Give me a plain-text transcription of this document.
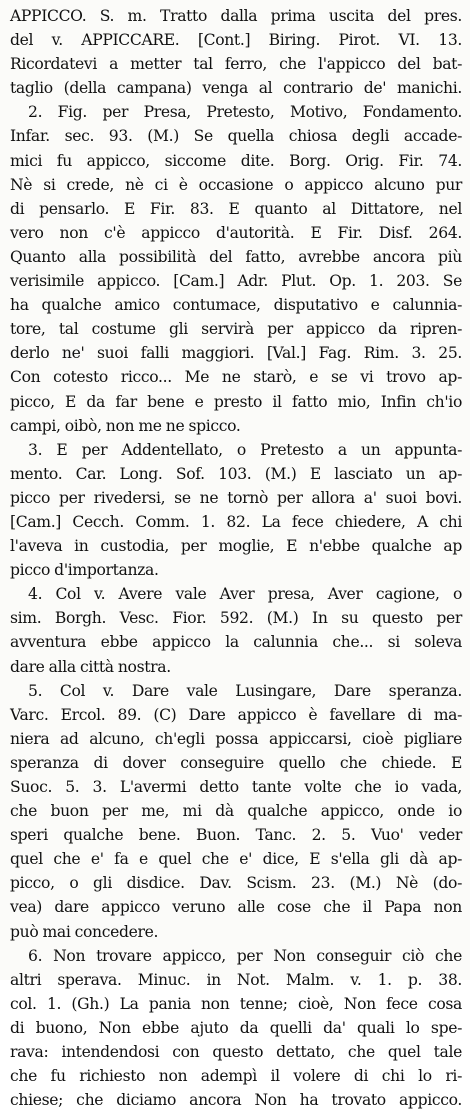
APPICCO. S. m. Tratto dalla prima uscita del pres.
del v. APPICCARE. [Cont.] Biring. Pirot. VI. 13.
Ricordatevi a metter tal ferro, che l'appicco del bat-
taglio (della campana) venga al contrario de' manichi.
2. Fig. per Presa, Pretesto, Motivo, Fondamento.
Infar. sec. 93. (M.) Se quella chiosa degli accade-
mici fu appicco, siccome dite. Borg. Orig. Fir. 74.
Nè si crede, nè ci è occasione o appicco alcuno pur
di pensarlo. E Fir. 83. E quanto al Dittatore, nel
vero non c'è appicco d'autorità. E Fir. Disf. 264.
Quanto alla possibilità del fatto, avrebbe ancora più
verisimile appicco. [Cam.] Adr. Plut. Op. 1. 203. Se
ha qualche amico contumace, disputativo e calunnia-
tore, tal costume gli servirà per appicco da ripren-
derlo ne' suoi falli maggiori. [Val.] Fag. Rim. 3. 25.
Con cotesto ricco... Me ne starò, e se vi trovo ap-
picco, E da far bene e presto il fatto mio, Infin ch'io
campi, oibò, non me ne spicco.
3. E per Addentellato, o Pretesto a un appunta-
mento. Car. Long. Sof. 103. (M.) E lasciato un ap-
picco per rivedersi, se ne tornò per allora a' suoi bovi.
[Cam.] Cecch. Comm. 1. 82. La fece chiedere, A chi
l'aveva in custodia, per moglie, E n'ebbe qualche ap
picco d'importanza.
4. Col v. Avere vale Aver presa, Aver cagione, o
sim. Borgh. Vesc. Fior. 592. (M.) In su questo per
avventura ebbe appicco la calunnia che... si soleva
dare alla città nostra.
5. Col v. Dare vale Lusingare, Dare speranza.
Varc. Ercol. 89. (C) Dare appicco è favellare di ma-
niera ad alcuno, ch'egli possa appiccarsi, cioè pigliare
speranza di dover conseguire quello che chiede. E
Suoc. 5. 3. L'avermi detto tante volte che io vada,
che buon per me, mi dà qualche appicco, onde io
speri qualche bene. Buon. Tanc. 2. 5. Vuo' veder
quel che e' fa e quel che e' dice, E s'ella gli dà ap-
picco, o gli disdice. Dav. Scism. 23. (M.) Nè (do-
vea) dare appicco veruno alle cose che il Papa non
può mai concedere.
6. Non trovare appicco, per Non conseguir ciò che
altri sperava. Minuc. in Not. Malm. v. 1. p. 38.
col. 1. (Gh.) La pania non tenne; cioè, Non fece cosa
di buono, Non ebbe ajuto da quelli da' quali lo spe-
rava: intendendosi con questo dettato, che quel tale
che fu richiesto non adempì il volere di chi lo ri-
chiese; che diciamo ancora Non ha trovato appicco.
